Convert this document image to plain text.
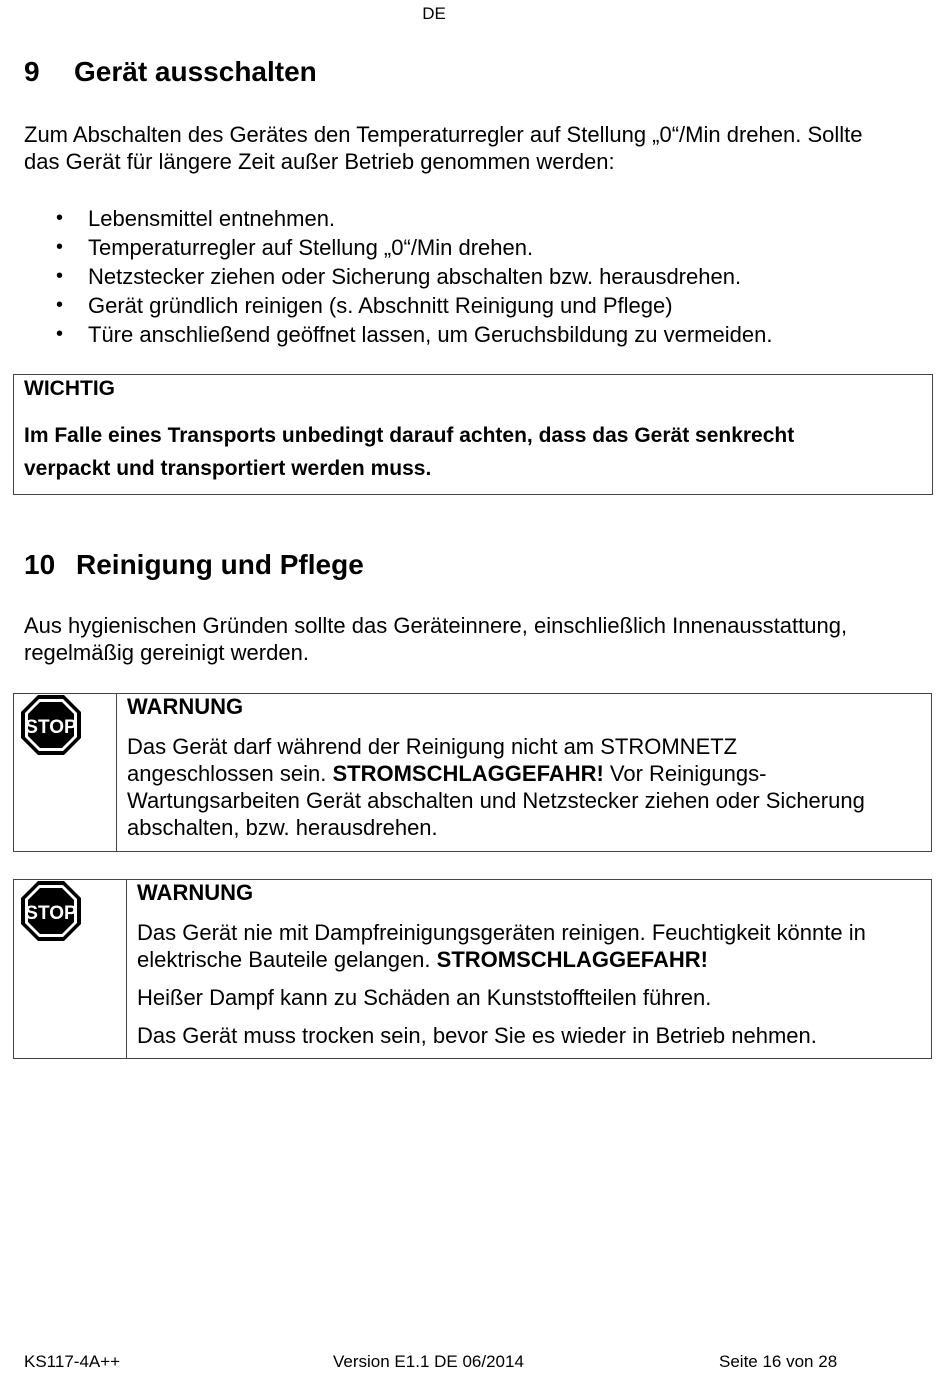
DE
9 Gerät ausschalten
Zum Abschalten des Gerätes den Temperaturregler auf Stellung „0“/Min drehen. Sollte
das Gerät für längere Zeit außer Betrieb genommen werden:
• Lebensmittel entnehmen.
• Temperaturregler auf Stellung „0“/Min drehen.
• Netzstecker ziehen oder Sicherung abschalten bzw. herausdrehen.
• Gerät gründlich reinigen (s. Abschnitt Reinigung und Pflege)
• Türe anschließend geöffnet lassen, um Geruchsbildung zu vermeiden.
WICHTIG
Im Falle eines Transports unbedingt darauf achten, dass das Gerät senkrecht
verpackt und transportiert werden muss.
10 Reinigung und Pflege
Aus hygienischen Gründen sollte das Geräteinnere, einschließlich Innenausstattung,
regelmäßig gereinigt werden.
STOP
WARNUNG
Das Gerät darf während der Reinigung nicht am STROMNETZ
angeschlossen sein. STROMSCHLAGGEFAHR! Vor Reinigungs-
Wartungsarbeiten Gerät abschalten und Netzstecker ziehen oder Sicherung
abschalten, bzw. herausdrehen.
STOP
WARNUNG
Das Gerät nie mit Dampfreinigungsgeräten reinigen. Feuchtigkeit könnte in
elektrische Bauteile gelangen. STROMSCHLAGGEFAHR!
Heißer Dampf kann zu Schäden an Kunststoffteilen führen.
Das Gerät muss trocken sein, bevor Sie es wieder in Betrieb nehmen.
KS117-4A++	Version E1.1 DE 06/2014	Seite 16 von 28
